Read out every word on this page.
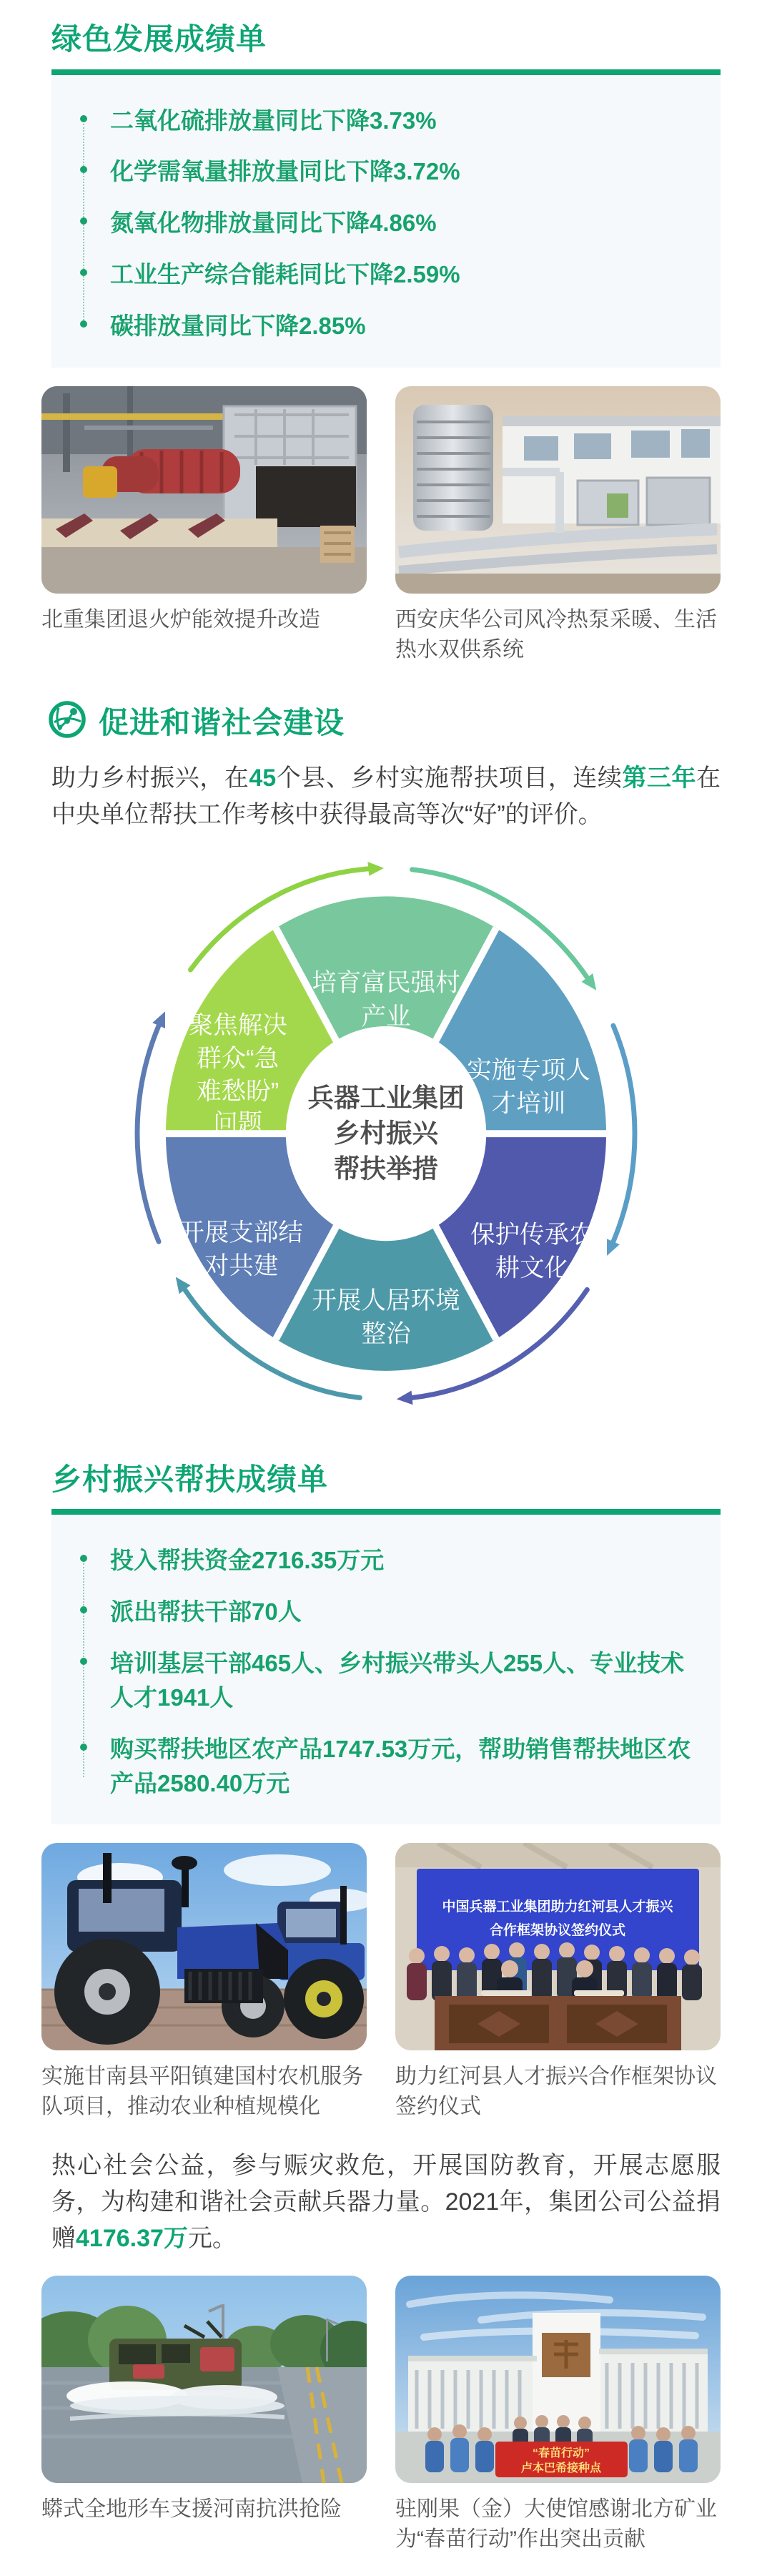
绿色发展成绩单
二氧化硫排放量同比下降3.73%
化学需氧量排放量同比下降3.72%
氮氧化物排放量同比下降4.86%
工业生产综合能耗同比下降2.59%
碳排放量同比下降2.85%
北重集团退火炉能效提升改造	西安庆华公司风冷热泵采暖、生活热水双供系统
促进和谐社会建设

助力乡村振兴，在45个县、乡村实施帮扶项目，连续第三年在中央单位帮扶工作考核中获得最高等次“好”的评价。

培育富民强村
产业
实施专项人
才培训
保护传承农
耕文化
开展人居环境
整治
开展支部结
对共建
聚焦解决
群众“急
难愁盼”
问题
兵器工业集团
乡村振兴
帮扶举措
乡村振兴帮扶成绩单
投入帮扶资金2716.35万元
派出帮扶干部70人
培训基层干部465人、乡村振兴带头人255人、专业技术人才1941人
购买帮扶地区农产品1747.53万元，帮助销售帮扶地区农产品2580.40万元
实施甘南县平阳镇建国村农机服务队项目，推动农业种植规模化
中国兵器工业集团助力红河县人才振兴
合作框架协议签约仪式
助力红河县人才振兴合作框架协议签约仪式

热心社会公益，参与赈灾救危，开展国防教育，开展志愿服务，为构建和谐社会贡献兵器力量。2021年，集团公司公益捐赠4176.37万元。

蟒式全地形车支援河南抗洪抢险
“春苗行动”
卢本巴希接种点
驻刚果（金）大使馆感谢北方矿业为“春苗行动”作出突出贡献
